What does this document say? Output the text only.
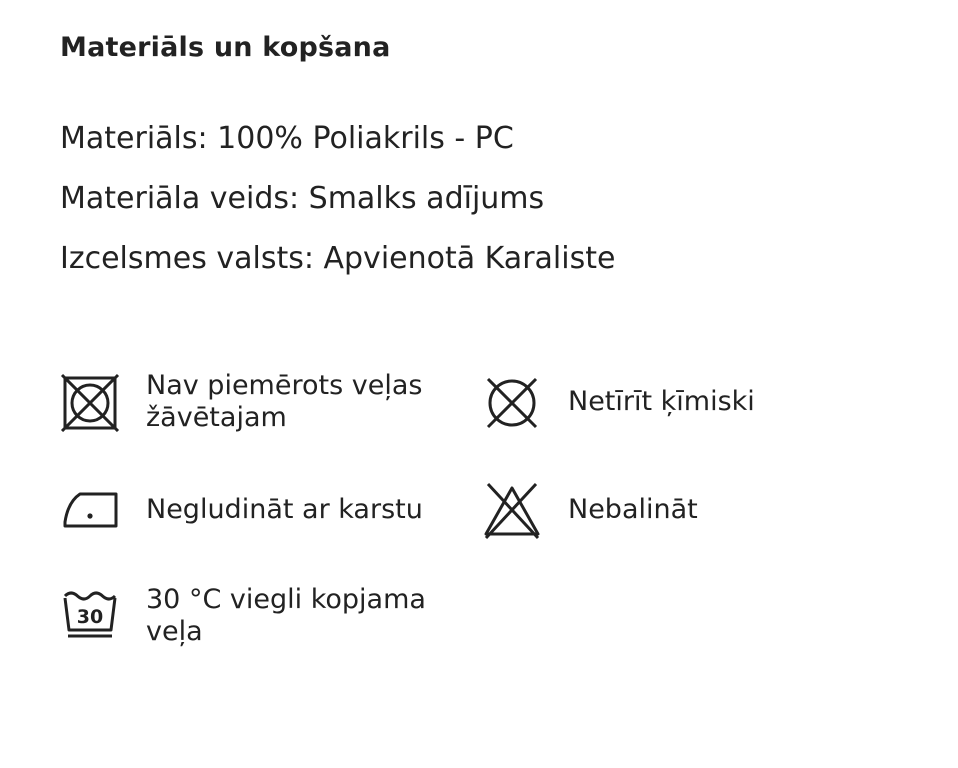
Materiāls un kopšana
Materiāls: 100% Poliakrils - PC
Materiāla veids: Smalks adījums
Izcelsmes valsts: Apvienotā Karaliste
Nav piemērots veļas žāvētajam
Netīrīt ķīmiski
Negludināt ar karstu	Nebalināt
30
30 °C viegli kopjama veļa
